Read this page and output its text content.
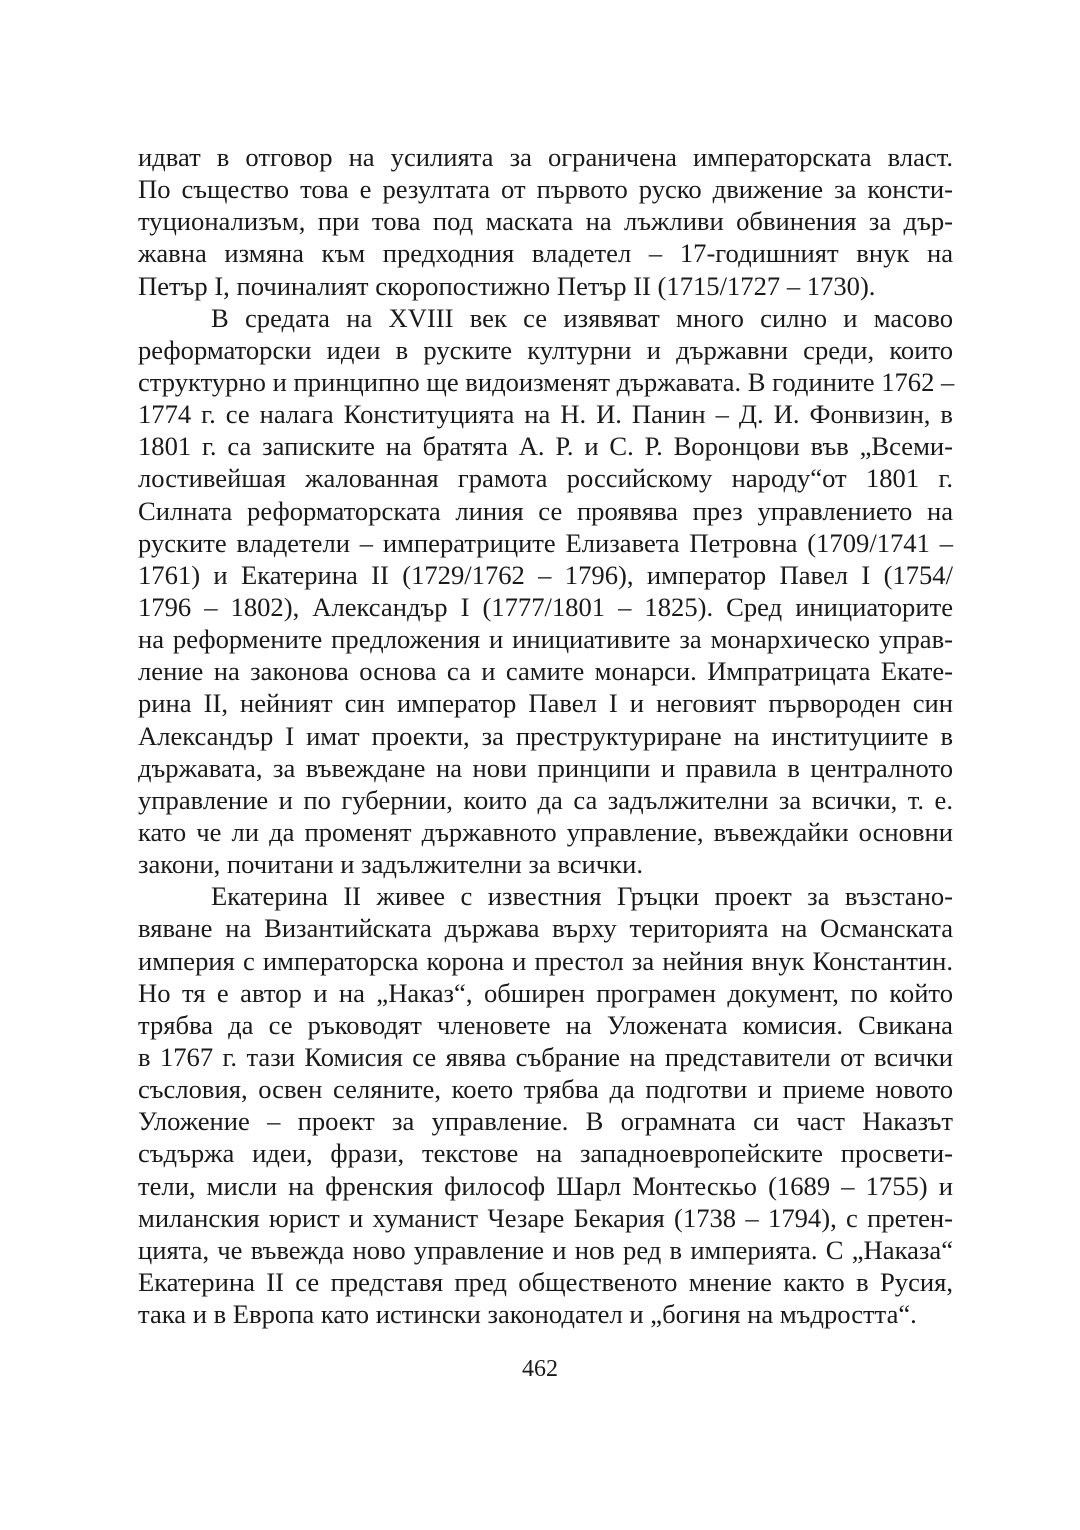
идват в отговор на усилията за ограничена императорската власт.
По същество това е резултата от първото руско движение за консти-
туционализъм, при това под маската на лъжливи обвинения за дър-
жавна измяна към предходния владетел – 17-годишният внук на
Петър I, починалият скоропостижно Петър II (1715/1727 – 1730).
В средата на XVIII век се изявяват много силно и масово
реформаторски идеи в руските културни и държавни среди, които
структурно и принципно ще видоизменят държавата. В годините 1762 –
1774 г. се налага Конституцията на Н. И. Панин – Д. И. Фонвизин, в
1801 г. са записките на братята А. Р. и С. Р. Воронцови във „Всеми-
лостивейшая жалованная грамота российскому народу“от 1801 г.
Силната реформаторската линия се проявява през управлението на
руските владетели – императриците Елизавета Петровна (1709/1741 –
1761) и Екатерина II (1729/1762 – 1796), император Павел I (1754/
1796 – 1802), Александър I (1777/1801 – 1825). Сред инициаторите
на реформените предложения и инициативите за монархическо управ-
ление на законова основа са и самите монарси. Импратрицата Екате-
рина II, нейният син император Павел I и неговият първороден син
Александър I имат проекти, за преструктуриране на институциите в
държавата, за въвеждане на нови принципи и правила в централното
управление и по губернии, които да са задължителни за всички, т. е.
като че ли да променят държавното управление, въвеждайки основни
закони, почитани и задължителни за всички.
Екатерина II живее с известния Гръцки проект за възстано-
вяване на Византийската държава върху територията на Османската
империя с императорска корона и престол за нейния внук Константин.
Но тя е автор и на „Наказ“, обширен програмен документ, по който
трябва да се ръководят членовете на Уложената комисия. Свикана
в 1767 г. тази Комисия се явява събрание на представители от всички
съсловия, освен селяните, което трябва да подготви и приеме новото
Уложение – проект за управление. В ограмната си част Наказът
съдържа идеи, фрази, текстове на западноевропейските просвети-
тели, мисли на френския философ Шарл Монтескьо (1689 – 1755) и
миланския юрист и хуманист Чезаре Бекария (1738 – 1794), с претен-
цията, че въвежда ново управление и нов ред в империята. С „Наказа“
Екатерина II се представя пред общественото мнение както в Русия,
така и в Европа като истински законодател и „богиня на мъдростта“.
462
